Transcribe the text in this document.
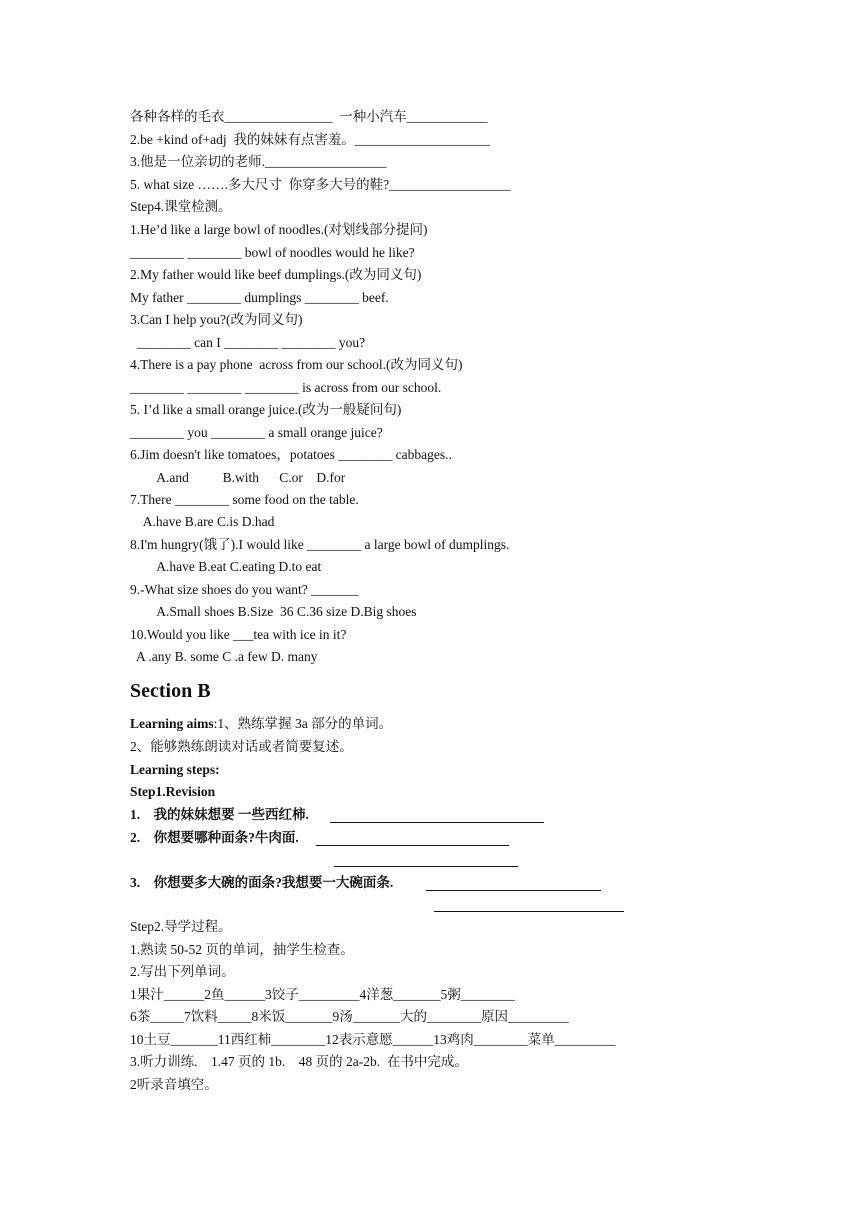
各种各样的毛衣________________  一种小汽车____________
2.be +kind of+adj  我的妹妹有点害羞。____________________
3.他是一位亲切的老师.__________________
5. what size …….多大尺寸  你穿多大号的鞋?__________________
Step4.课堂检测。
1.He’d like a large bowl of noodles.(对划线部分提问)
________ ________ bowl of noodles would he like?
2.My father would like beef dumplings.(改为同义句)
My father ________ dumplings ________ beef.
3.Can I help you?(改为同义句)
________ can I ________ ________ you?
4.There is a pay phone  across from our school.(改为同义句)
________ ________ ________ is across from our school.
5. I’d like a small orange juice.(改为一般疑问句)
________ you ________ a small orange juice?
6.Jim doesn't like tomatoes，potatoes ________ cabbages..
A.and          B.with      C.or    D.for
7.There ________ some food on the table.
A.have B.are C.is D.had
8.I'm hungry(饿了).I would like ________ a large bowl of dumplings.
A.have B.eat C.eating D.to eat
9.-What size shoes do you want? _______
A.Small shoes B.Size  36 C.36 size D.Big shoes
10.Would you like ___tea with ice in it?
A .any B. some C .a few D. many
Section B
Learning aims:1、熟练掌握 3a 部分的单词。
2、能够熟练朗读对话或者简要复述。
Learning steps:
Step1.Revision
1.    我的妹妹想要 一些西红柿.
2.    你想要哪种面条?牛肉面.
3.    你想要多大碗的面条?我想要一大碗面条.
Step2.导学过程。
1.熟读 50-52 页的单词，抽学生检查。
2.写出下列单词。
1果汁______2鱼______3饺子_________4洋葱_______5粥________
6茶_____7饮料_____8米饭_______9汤_______大的________原因_________
10土豆_______11西红柿________12表示意愿______13鸡肉________菜单_________
3.听力训练.    1.47 页的 1b.    48 页的 2a-2b.  在书中完成。
2听录音填空。
